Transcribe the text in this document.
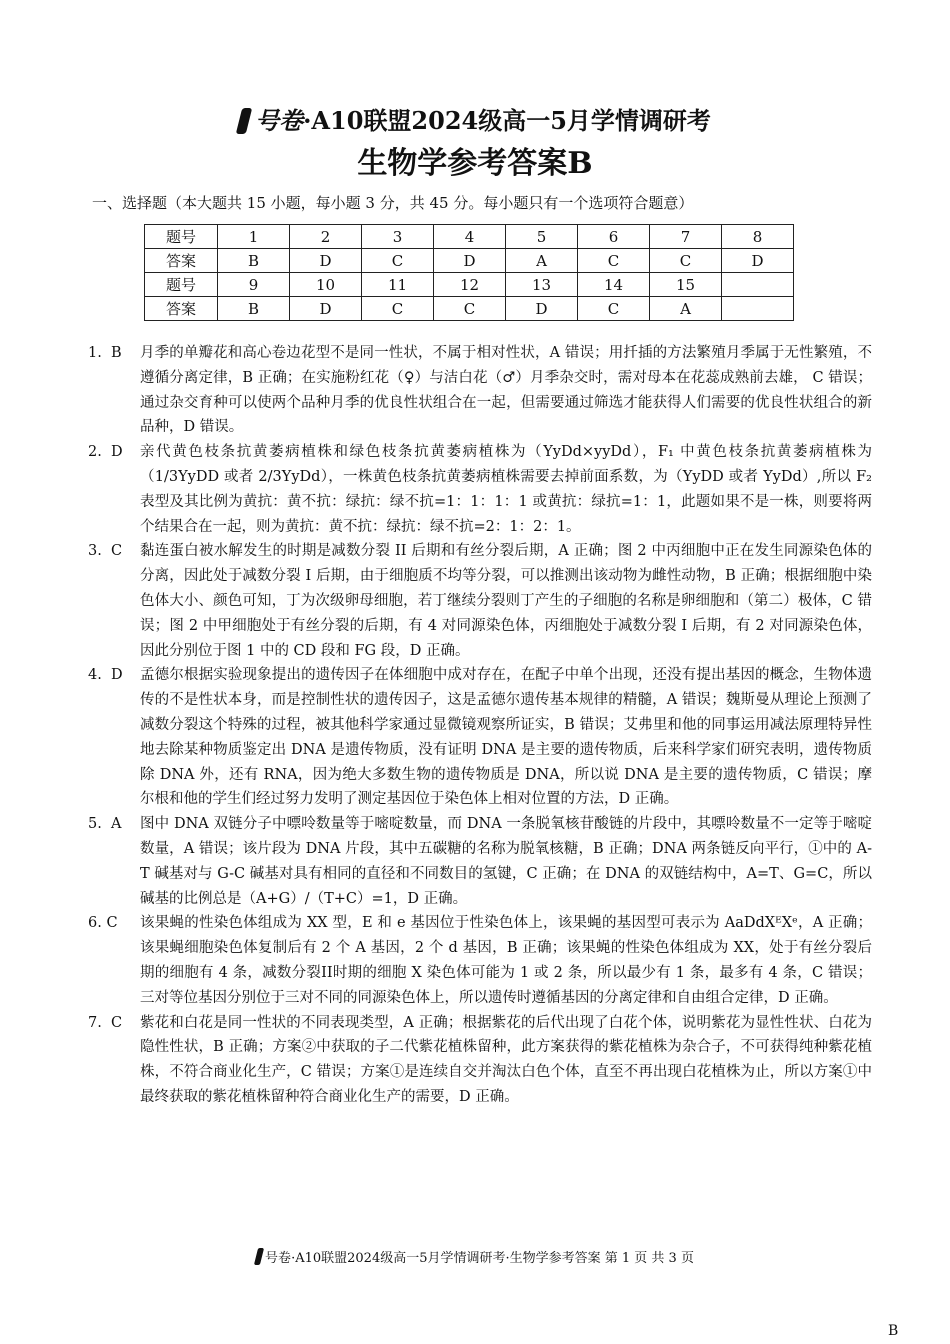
号卷·A10联盟2024级高一5月学情调研考
生物学参考答案B
一、选择题（本大题共 15 小题，每小题 3 分，共 45 分。每小题只有一个选项符合题意）
题号	1	2	3	4	5	6	7	8
答案	B	D	C	D	A	C	C	D
题号	9	10	11	12	13	14	15	
答案	B	D	C	C	D	C	A	
1.  B	月季的单瓣花和高心卷边花型不是同一性状，不属于相对性状，A 错误；用扦插的方法繁殖月季属于无性繁殖，不遵循分离定律，B 正确；在实施粉红花（♀）与洁白花（♂）月季杂交时，需对母本在花蕊成熟前去雄， C 错误；通过杂交育种可以使两个品种月季的优良性状组合在一起，但需要通过筛选才能获得人们需要的优良性状组合的新品种，D 错误。
2.  D	亲代黄色枝条抗黄萎病植株和绿色枝条抗黄萎病植株为（YyDd×yyDd），F₁ 中黄色枝条抗黄萎病植株为（1/3YyDD 或者 2/3YyDd），一株黄色枝条抗黄萎病植株需要去掉前面系数，为（YyDD 或者 YyDd）,所以 F₂ 表型及其比例为黄抗：黄不抗：绿抗：绿不抗=1：1：1：1 或黄抗：绿抗=1：1，此题如果不是一株，则要将两个结果合在一起，则为黄抗：黄不抗：绿抗：绿不抗=2：1：2：1。
3.  C	黏连蛋白被水解发生的时期是减数分裂 II 后期和有丝分裂后期，A 正确；图 2 中丙细胞中正在发生同源染色体的分离，因此处于减数分裂 I 后期，由于细胞质不均等分裂，可以推测出该动物为雌性动物，B 正确；根据细胞中染色体大小、颜色可知，丁为次级卵母细胞，若丁继续分裂则丁产生的子细胞的名称是卵细胞和（第二）极体，C 错误；图 2 中甲细胞处于有丝分裂的后期，有 4 对同源染色体，丙细胞处于减数分裂 I 后期，有 2 对同源染色体，因此分别位于图 1 中的 CD 段和 FG 段，D 正确。
4.  D	孟德尔根据实验现象提出的遗传因子在体细胞中成对存在，在配子中单个出现，还没有提出基因的概念，生物体遗传的不是性状本身，而是控制性状的遗传因子，这是孟德尔遗传基本规律的精髓，A 错误；魏斯曼从理论上预测了减数分裂这个特殊的过程，被其他科学家通过显微镜观察所证实，B 错误；艾弗里和他的同事运用减法原理特异性地去除某种物质鉴定出 DNA 是遗传物质，没有证明 DNA 是主要的遗传物质，后来科学家们研究表明，遗传物质除 DNA 外，还有 RNA，因为绝大多数生物的遗传物质是 DNA，所以说 DNA 是主要的遗传物质，C 错误；摩尔根和他的学生们经过努力发明了测定基因位于染色体上相对位置的方法，D 正确。
5.  A	图中 DNA 双链分子中嘌呤数量等于嘧啶数量，而 DNA 一条脱氧核苷酸链的片段中，其嘌呤数量不一定等于嘧啶数量，A 错误；该片段为 DNA 片段，其中五碳糖的名称为脱氧核糖，B 正确；DNA 两条链反向平行，①中的 A-T 碱基对与 G-C 碱基对具有相同的直径和不同数目的氢键，C 正确；在 DNA 的双链结构中，A=T、G=C，所以碱基的比例总是（A+G）/（T+C）=1，D 正确。
6. C	该果蝇的性染色体组成为 XX 型，E 和 e 基因位于性染色体上，该果蝇的基因型可表示为 AaDdXᴱXᵉ，A 正确；该果蝇细胞染色体复制后有 2 个 A 基因，2 个 d 基因，B 正确；该果蝇的性染色体组成为 XX，处于有丝分裂后期的细胞有 4 条，减数分裂II时期的细胞 X 染色体可能为 1 或 2 条，所以最少有 1 条，最多有 4 条，C 错误；三对等位基因分别位于三对不同的同源染色体上，所以遗传时遵循基因的分离定律和自由组合定律，D 正确。
7.  C	紫花和白花是同一性状的不同表现类型，A 正确；根据紫花的后代出现了白花个体，说明紫花为显性性状、白花为隐性性状，B 正确；方案②中获取的子二代紫花植株留种，此方案获得的紫花植株为杂合子，不可获得纯种紫花植株，不符合商业化生产，C 错误；方案①是连续自交并淘汰白色个体，直至不再出现白花植株为止，所以方案①中最终获取的紫花植株留种符合商业化生产的需要，D 正确。
号卷·A10联盟2024级高一5月学情调研考·生物学参考答案 第 1 页 共 3 页
B
